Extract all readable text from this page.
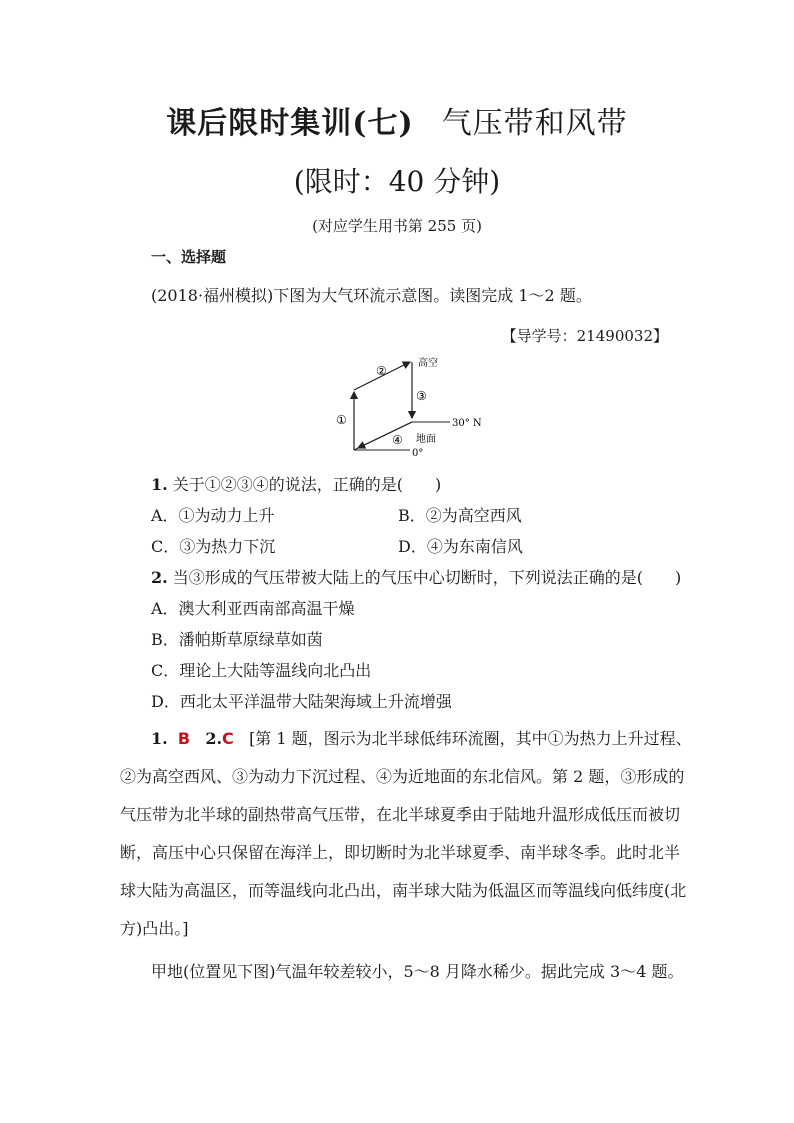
课后限时集训(七) 气压带和风带
(限时：40 分钟)
(对应学生用书第 255 页)
一、选择题
(2018·福州模拟)下图为大气环流示意图。读图完成 1～2 题。
【导学号：21490032】
高空
②
③
①	30° N
④ 地面
0°
1. 关于①②③④的说法，正确的是(　　)
A．①为动力上升	B．②为高空西风
C．③为热力下沉	D．④为东南信风
2. 当③形成的气压带被大陆上的气压中心切断时，下列说法正确的是(　　)
A．澳大利亚西南部高温干燥
B．潘帕斯草原绿草如茵
C．理论上大陆等温线向北凸出
D．西北太平洋温带大陆架海域上升流增强
1. B 2.C [第 1 题，图示为北半球低纬环流圈，其中①为热力上升过程、
②为高空西风、③为动力下沉过程、④为近地面的东北信风。第 2 题，③形成的
气压带为北半球的副热带高气压带，在北半球夏季由于陆地升温形成低压而被切
断，高压中心只保留在海洋上，即切断时为北半球夏季、南半球冬季。此时北半
球大陆为高温区，而等温线向北凸出，南半球大陆为低温区而等温线向低纬度(北
方)凸出。]
甲地(位置见下图)气温年较差较小，5～8 月降水稀少。据此完成 3～4 题。
